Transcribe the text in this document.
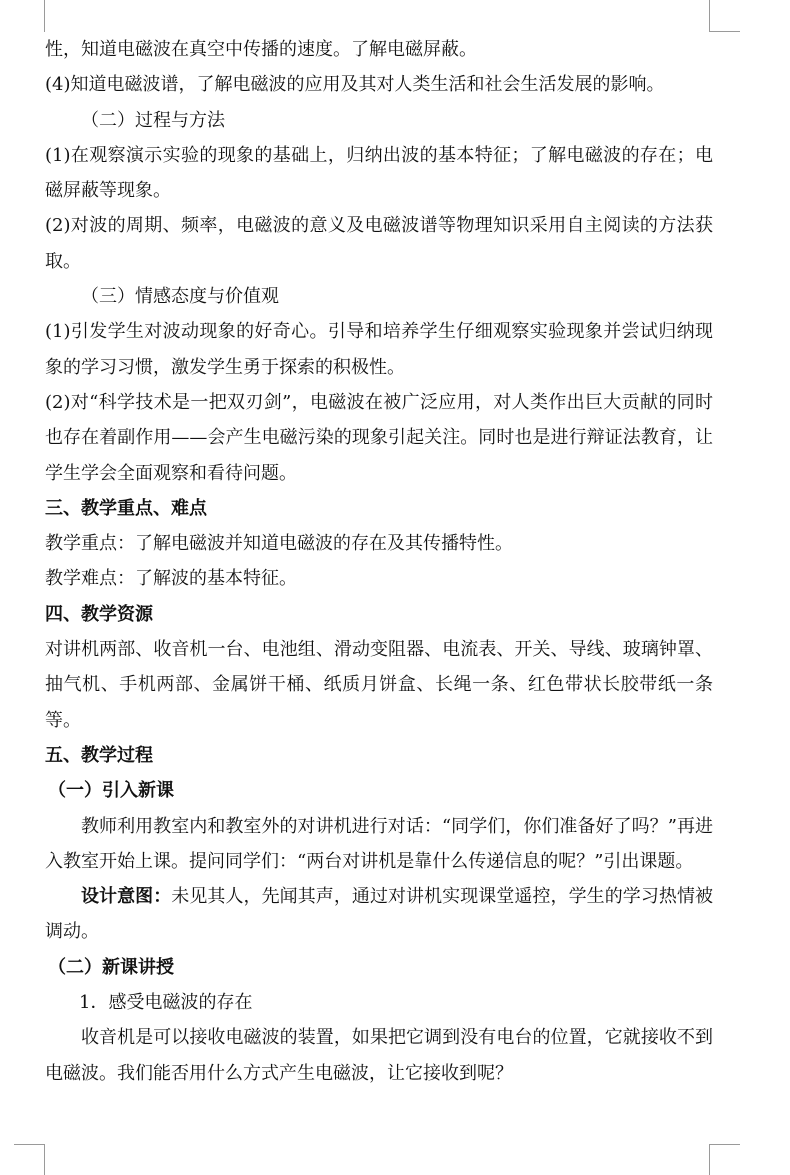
性，知道电磁波在真空中传播的速度。了解电磁屏蔽。

(4)知道电磁波谱，了解电磁波的应用及其对人类生活和社会生活发展的影响。

（二）过程与方法

(1)在观察演示实验的现象的基础上，归纳出波的基本特征；了解电磁波的存在；电磁屏蔽等现象。

(2)对波的周期、频率，电磁波的意义及电磁波谱等物理知识采用自主阅读的方法获取。

（三）情感态度与价值观

(1)引发学生对波动现象的好奇心。引导和培养学生仔细观察实验现象并尝试归纳现象的学习习惯，激发学生勇于探索的积极性。

(2)对“科学技术是一把双刃剑”，电磁波在被广泛应用，对人类作出巨大贡献的同时也存在着副作用——会产生电磁污染的现象引起关注。同时也是进行辩证法教育，让学生学会全面观察和看待问题。

三、教学重点、难点

教学重点：了解电磁波并知道电磁波的存在及其传播特性。

教学难点：了解波的基本特征。

四、教学资源

对讲机两部、收音机一台、电池组、滑动变阻器、电流表、开关、导线、玻璃钟罩、抽气机、手机两部、金属饼干桶、纸质月饼盒、长绳一条、红色带状长胶带纸一条等。

五、教学过程

（一）引入新课

教师利用教室内和教室外的对讲机进行对话：“同学们，你们准备好了吗？”再进入教室开始上课。提问同学们：“两台对讲机是靠什么传递信息的呢？”引出课题。

设计意图：未见其人，先闻其声，通过对讲机实现课堂遥控，学生的学习热情被调动。

（二）新课讲授

1．感受电磁波的存在

收音机是可以接收电磁波的装置，如果把它调到没有电台的位置，它就接收不到电磁波。我们能否用什么方式产生电磁波，让它接收到呢？
